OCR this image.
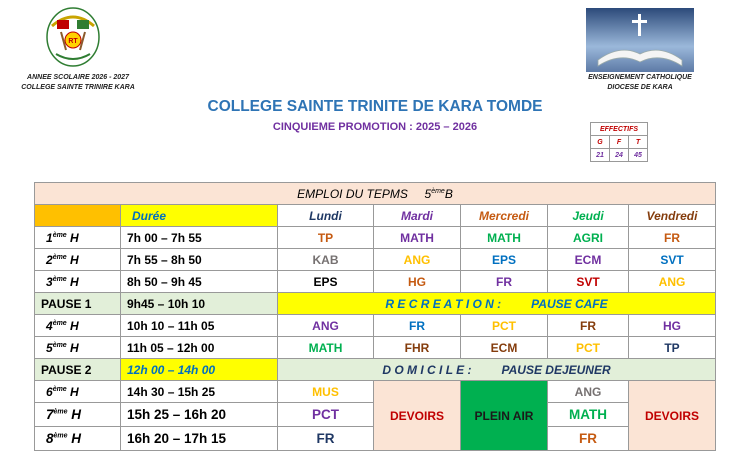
RT
ANNEE SCOLAIRE 2026 - 2027
COLLEGE SAINTE TRINIRE KARA
ENSEIGNEMENT CATHOLIQUE
DIOCESE DE KARA
COLLEGE SAINTE TRINITE DE KARA TOMDE
CINQUIEME PROMOTION : 2025 – 2026	EFFECTIFS		
G	F	T
21	24	45
EMPLOI DU TEPMS 5èmeB						
	Durée	Lundi	Mardi	Mercredi	Jeudi	Vendredi
1ème H	7h 00 – 7h 55	TP	MATH	MATH	AGRI	FR
2ème H	7h 55 – 8h 50	KAB	ANG	EPS	ECM	SVT
3ème H	8h 50 – 9h 45	EPS	HG	FR	SVT	ANG
PAUSE 1	9h45 – 10h 10	R E C R E A T I O N : PAUSE CAFE				
4ème H	10h 10 – 11h 05	ANG	FR	PCT	FR	HG
5ème H	11h 05 – 12h 00	MATH	FHR	ECM	PCT	TP
PAUSE 2	12h 00 – 14h 00	D O M I C I L E : PAUSE DEJEUNER				
6ème H	14h 30 – 15h 25	MUS	DEVOIRS	PLEIN AIR	ANG	DEVOIRS
7ème H	15h 25 – 16h 20	PCT			MATH	
8ème H	16h 20 – 17h 15	FR			FR	
